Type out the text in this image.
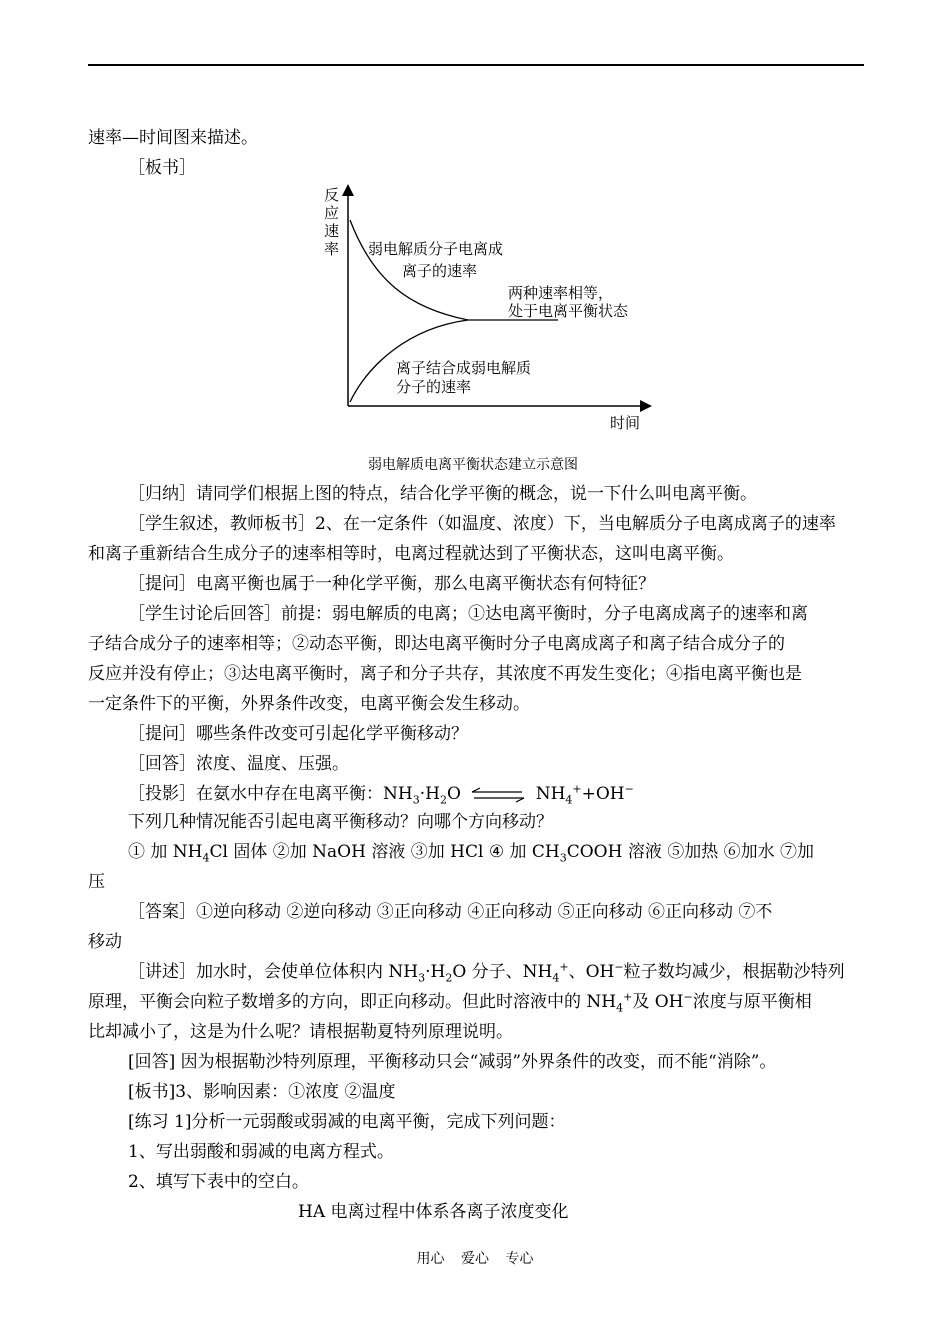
速率—时间图来描述。
［板书］
反
应
速
率 弱电解质分子电离成
离子的速率
两种速率相等，
处于电离平衡状态
离子结合成弱电解质
分子的速率
时间
弱电解质电离平衡状态建立示意图
［归纳］请同学们根据上图的特点，结合化学平衡的概念，说一下什么叫电离平衡。
［学生叙述，教师板书］2、在一定条件（如温度、浓度）下，当电解质分子电离成离子的速率
和离子重新结合生成分子的速率相等时，电离过程就达到了平衡状态，这叫电离平衡。
［提问］电离平衡也属于一种化学平衡，那么电离平衡状态有何特征？
［学生讨论后回答］前提：弱电解质的电离；①达电离平衡时，分子电离成离子的速率和离
子结合成分子的速率相等；②动态平衡，即达电离平衡时分子电离成离子和离子结合成分子的
反应并没有停止；③达电离平衡时，离子和分子共存，其浓度不再发生变化；④指电离平衡也是
一定条件下的平衡，外界条件改变，电离平衡会发生移动。
［提问］哪些条件改变可引起化学平衡移动？
［回答］浓度、温度、压强。
［投影］在氨水中存在电离平衡：$NH_3\cdot H_2O$ ⇌ $NH_4^++OH^-$
下列几种情况能否引起电离平衡移动？向哪个方向移动？
① 加 $NH_4Cl$ 固体 ②加 NaOH 溶液 ③加 HCl ④ 加 $CH_3COOH$ 溶液 ⑤加热 ⑥加水 ⑦加
压
［答案］①逆向移动 ②逆向移动 ③正向移动 ④正向移动 ⑤正向移动 ⑥正向移动 ⑦不
移动
［讲述］加水时，会使单位体积内 $NH_3\cdot H_2O$ 分子、$NH_4^+$、OH−粒子数均减少，根据勒沙特列
原理，平衡会向粒子数增多的方向，即正向移动。但此时溶液中的 $NH_4^+$及 OH−浓度与原平衡相
比却减小了，这是为什么呢？请根据勒夏特列原理说明。
[回答] 因为根据勒沙特列原理，平衡移动只会“减弱”外界条件的改变，而不能“消除”。
[板书]3、影响因素：①浓度 ②温度
[练习 1]分析一元弱酸或弱减的电离平衡，完成下列问题：
1、写出弱酸和弱减的电离方程式。
2、填写下表中的空白。
HA 电离过程中体系各离子浓度变化
用心 爱心 专心
